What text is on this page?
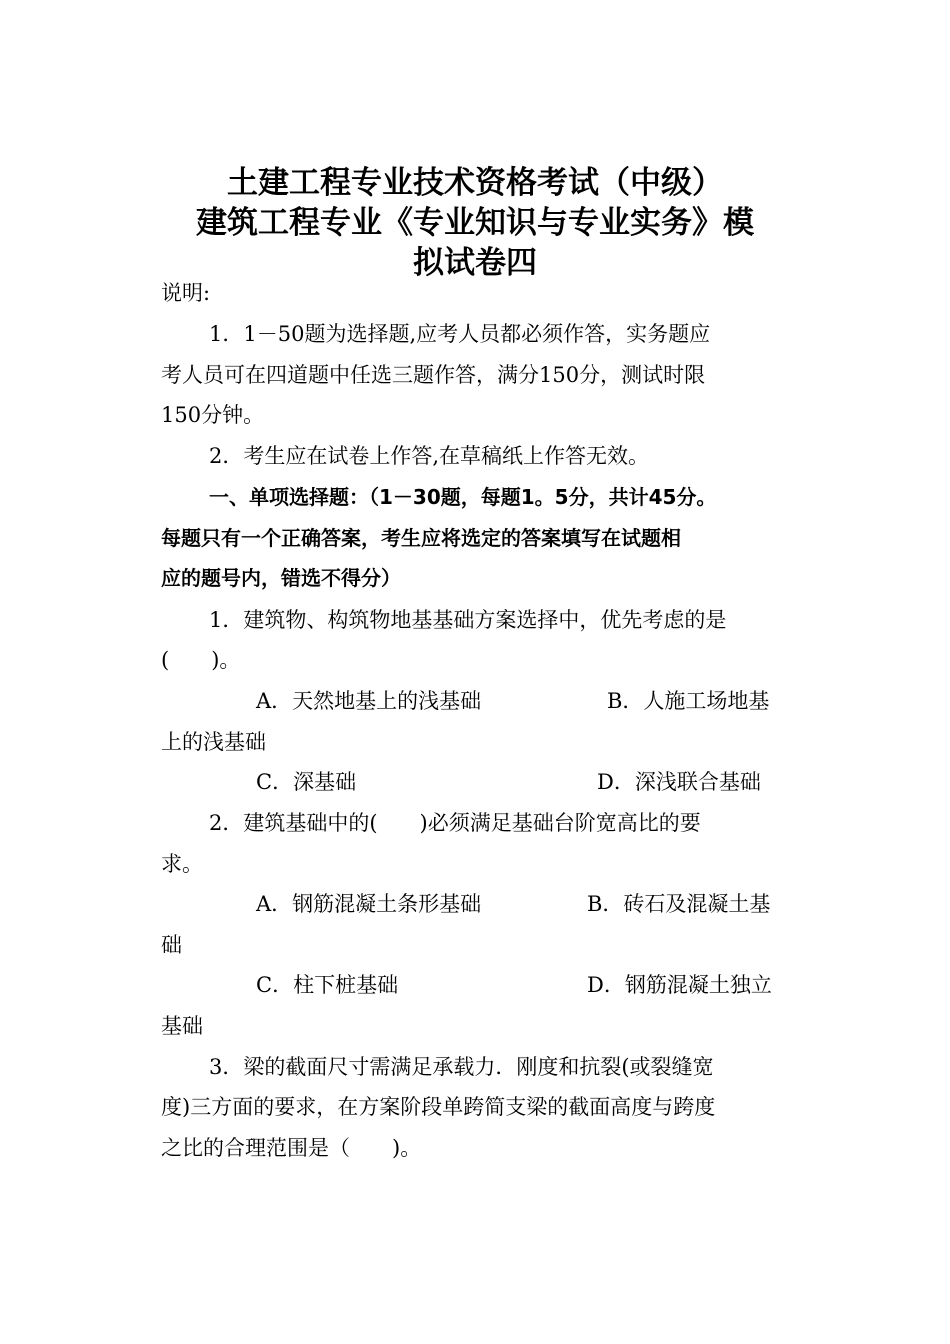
土建工程专业技术资格考试（中级）
建筑工程专业《专业知识与专业实务》模
拟试卷四
说明:
1．1－50题为选择题,应考人员都必须作答，实务题应
考人员可在四道题中任选三题作答，满分150分，测试时限
150分钟。
2．考生应在试卷上作答,在草稿纸上作答无效。
一、单项选择题：（1－30题，每题1。5分，共计45分。
每题只有一个正确答案，考生应将选定的答案填写在试题相
应的题号内，错选不得分）
1．建筑物、构筑物地基基础方案选择中，优先考虑的是
(　　)。
A．天然地基上的浅基础	B．人施工场地基
上的浅基础
C．深基础	D．深浅联合基础
2．建筑基础中的(　　)必须满足基础台阶宽高比的要
求。
A．钢筋混凝土条形基础	B．砖石及混凝土基
础
C．柱下桩基础	D．钢筋混凝土独立
基础
3．梁的截面尺寸需满足承载力．刚度和抗裂(或裂缝宽
度)三方面的要求，在方案阶段单跨简支梁的截面高度与跨度
之比的合理范围是（　　)。
